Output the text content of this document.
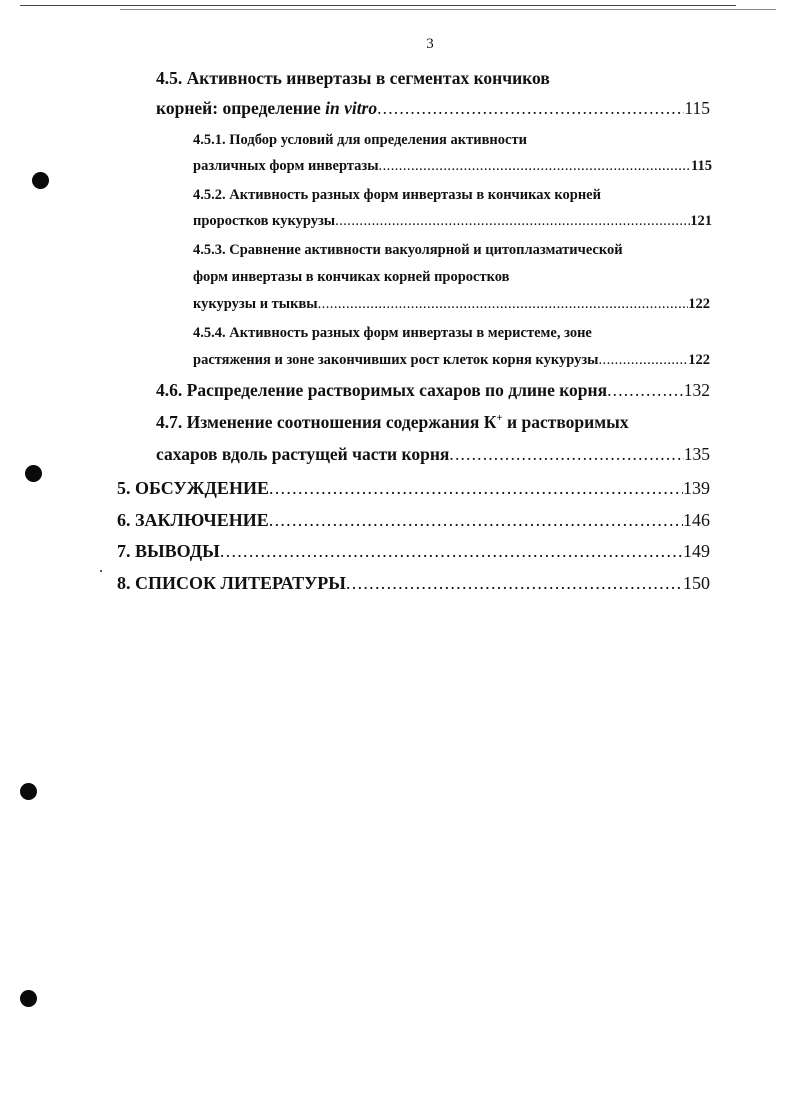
3
4.5. Активность инвертазы в сегментах кончиков
корней: определение in vitro . . .	115
4.5.1. Подбор условий для определения активности
различных форм инвертазы . . .	115
4.5.2. Активность разных форм инвертазы в кончиках корней
проростков кукурузы . . .	121
4.5.3. Сравнение активности вакуолярной и цитоплазматической
форм инвертазы в кончиках корней проростков
кукурузы и тыквы . . .	122
4.5.4. Активность разных форм инвертазы в меристеме, зоне
растяжения и зоне закончивших рост клеток корня кукурузы . . .	122
4.6. Распределение растворимых сахаров по длине корня . . .	132
4.7. Изменение соотношения содержания К+ и растворимых
сахаров вдоль растущей части корня . . .	135
5. ОБСУЖДЕНИЕ . . .	139
6. ЗАКЛЮЧЕНИЕ . . .	146
7. ВЫВОДЫ . . .	149
8. СПИСОК ЛИТЕРАТУРЫ . . .	150
